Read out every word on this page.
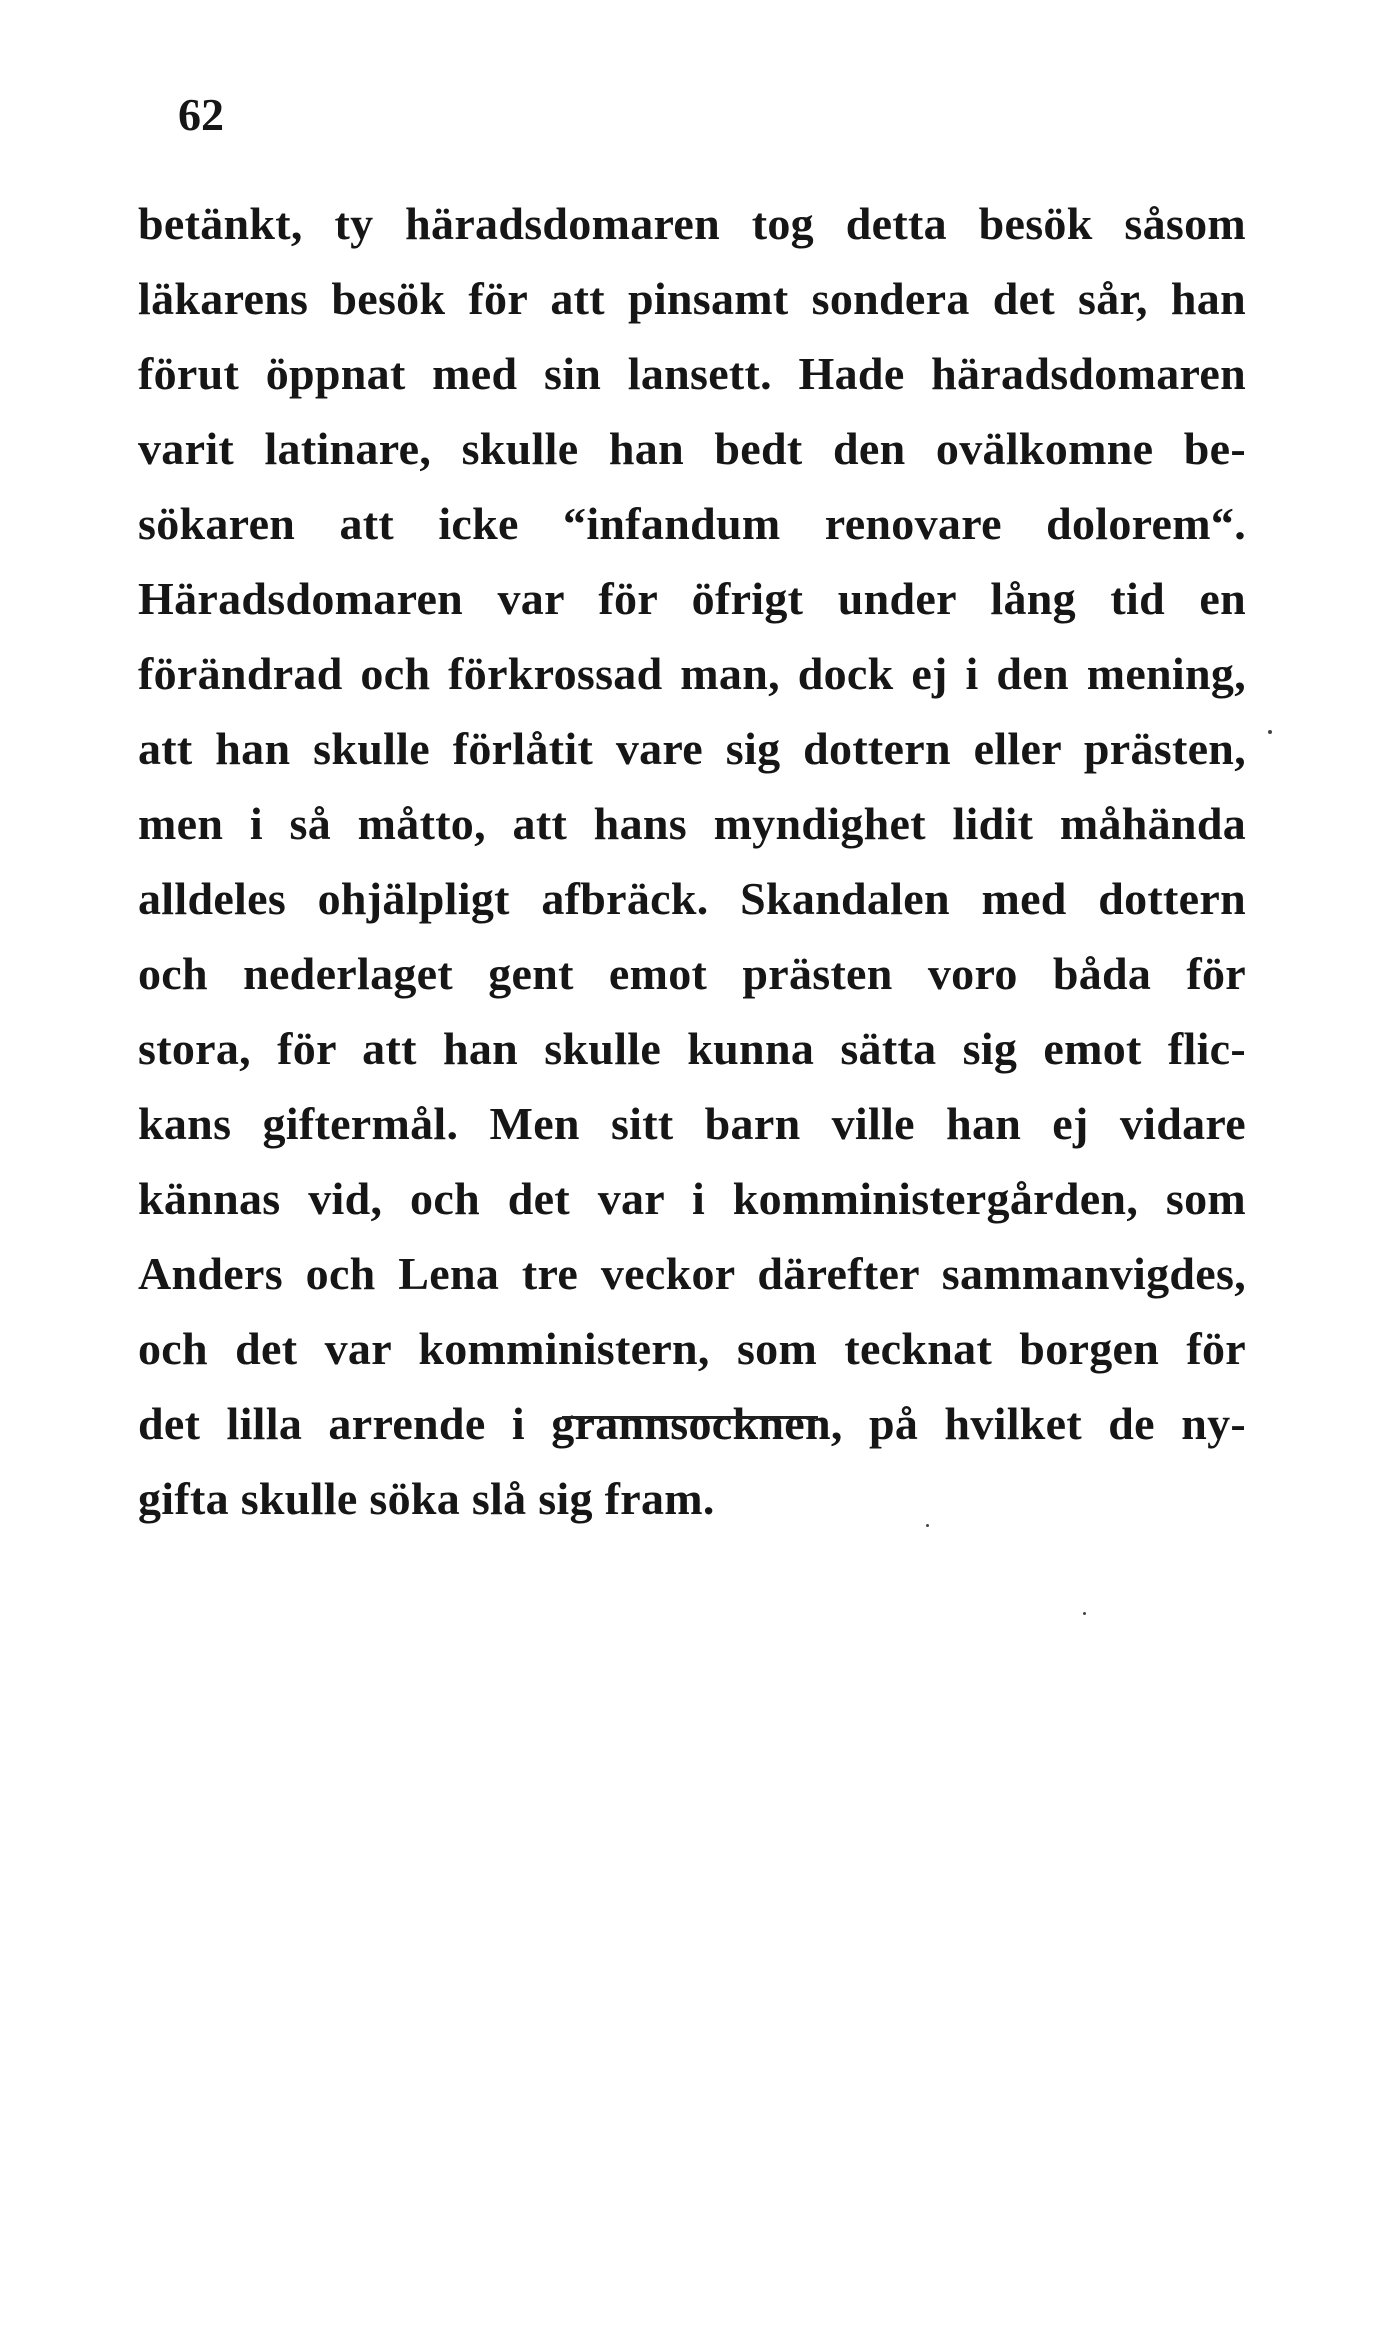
62
betänkt, ty häradsdomaren tog detta besök såsom
läkarens besök för att pinsamt sondera det sår, han
förut öppnat med sin lansett. Hade häradsdomaren
varit latinare, skulle han bedt den ovälkomne be-
sökaren att icke “infandum renovare dolorem“.
Häradsdomaren var för öfrigt under lång tid en
förändrad och förkrossad man, dock ej i den mening,
att han skulle förlåtit vare sig dottern eller prästen,
men i så måtto, att hans myndighet lidit måhända
alldeles ohjälpligt afbräck. Skandalen med dottern
och nederlaget gent emot prästen voro båda för
stora, för att han skulle kunna sätta sig emot flic-
kans giftermål. Men sitt barn ville han ej vidare
kännas vid, och det var i komministergården, som
Anders och Lena tre veckor därefter sammanvigdes,
och det var komministern, som tecknat borgen för
det lilla arrende i grannsocknen, på hvilket de ny-
gifta skulle söka slå sig fram.
